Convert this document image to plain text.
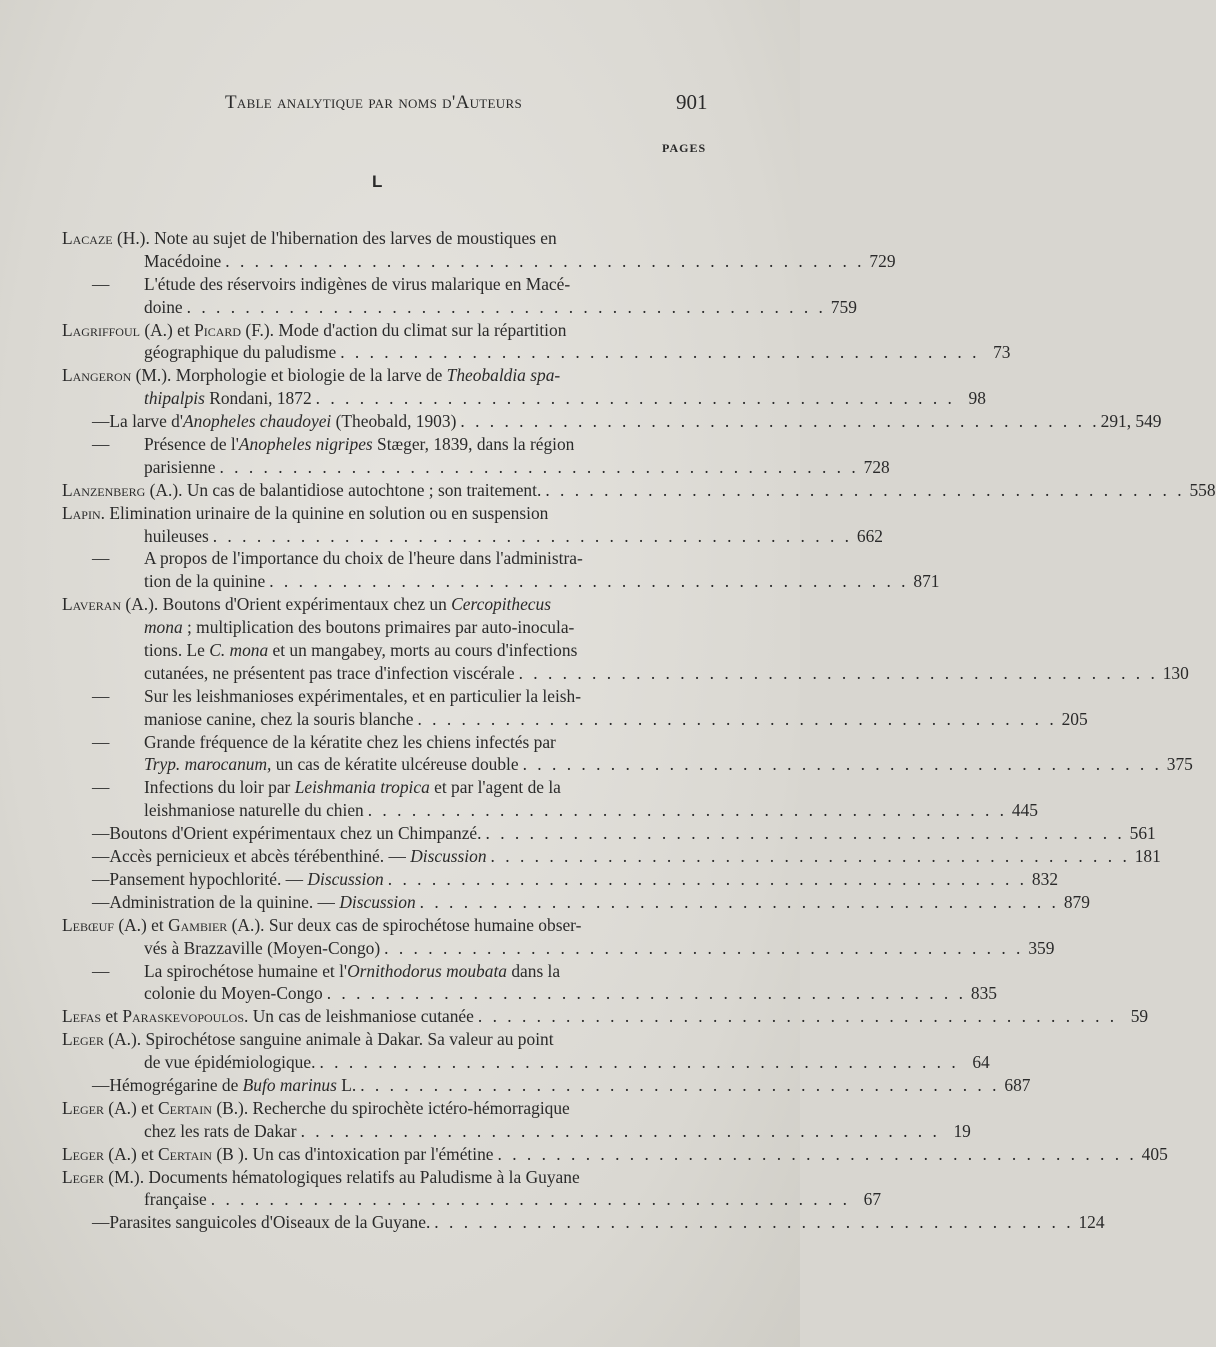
Table analytique par noms d'Auteurs	901
PAGES
L
Lacaze (H.). Note au sujet de l'hibernation des larves de moustiques en
Macédoine . . .	729
—	L'étude des réservoirs indigènes de virus malarique en Macé-
doine . . .	759
Lagriffoul (A.) et Picard (F.). Mode d'action du climat sur la répartition
géographique du paludisme . . .	73
Langeron (M.). Morphologie et biologie de la larve de Theobaldia spa-
thipalpis Rondani, 1872 . . .	98
— La larve d'Anopheles chaudoyei (Theobald, 1903) . . .	291, 549
—	Présence de l'Anopheles nigripes Stæger, 1839, dans la région
parisienne . . .	728
Lanzenberg (A.). Un cas de balantidiose autochtone ; son traitement. . . .	558
Lapin. Elimination urinaire de la quinine en solution ou en suspension
huileuses . . .	662
—	A propos de l'importance du choix de l'heure dans l'administra-
tion de la quinine . . .	871
Laveran (A.). Boutons d'Orient expérimentaux chez un Cercopithecus
mona ; multiplication des boutons primaires par auto-inocula-
tions. Le C. mona et un mangabey, morts au cours d'infections
cutanées, ne présentent pas trace d'infection viscérale . . .	130
—	Sur les leishmanioses expérimentales, et en particulier la leish-
maniose canine, chez la souris blanche . . .	205
—	Grande fréquence de la kératite chez les chiens infectés par
Tryp. marocanum, un cas de kératite ulcéreuse double . . .	375
—	Infections du loir par Leishmania tropica et par l'agent de la
leishmaniose naturelle du chien . . .	445
— Boutons d'Orient expérimentaux chez un Chimpanzé. . . .	561
— Accès pernicieux et abcès térébenthiné. — Discussion . . .	181
— Pansement hypochlorité. — Discussion . . .	832
— Administration de la quinine. — Discussion . . .	879
Lebœuf (A.) et Gambier (A.). Sur deux cas de spirochétose humaine obser-
vés à Brazzaville (Moyen-Congo) . . .	359
—	La spirochétose humaine et l'Ornithodorus moubata dans la
colonie du Moyen-Congo . . .	835
Lefas et Paraskevopoulos. Un cas de leishmaniose cutanée . . .	59
Leger (A.). Spirochétose sanguine animale à Dakar. Sa valeur au point
de vue épidémiologique. . . .	64
— Hémogrégarine de Bufo marinus L. . . .	687
Leger (A.) et Certain (B.). Recherche du spirochète ictéro-hémorragique
chez les rats de Dakar . . .	19
Leger (A.) et Certain (B ). Un cas d'intoxication par l'émétine . . .	405
Leger (M.). Documents hématologiques relatifs au Paludisme à la Guyane
française . . .	67
— Parasites sanguicoles d'Oiseaux de la Guyane. . . .	124
